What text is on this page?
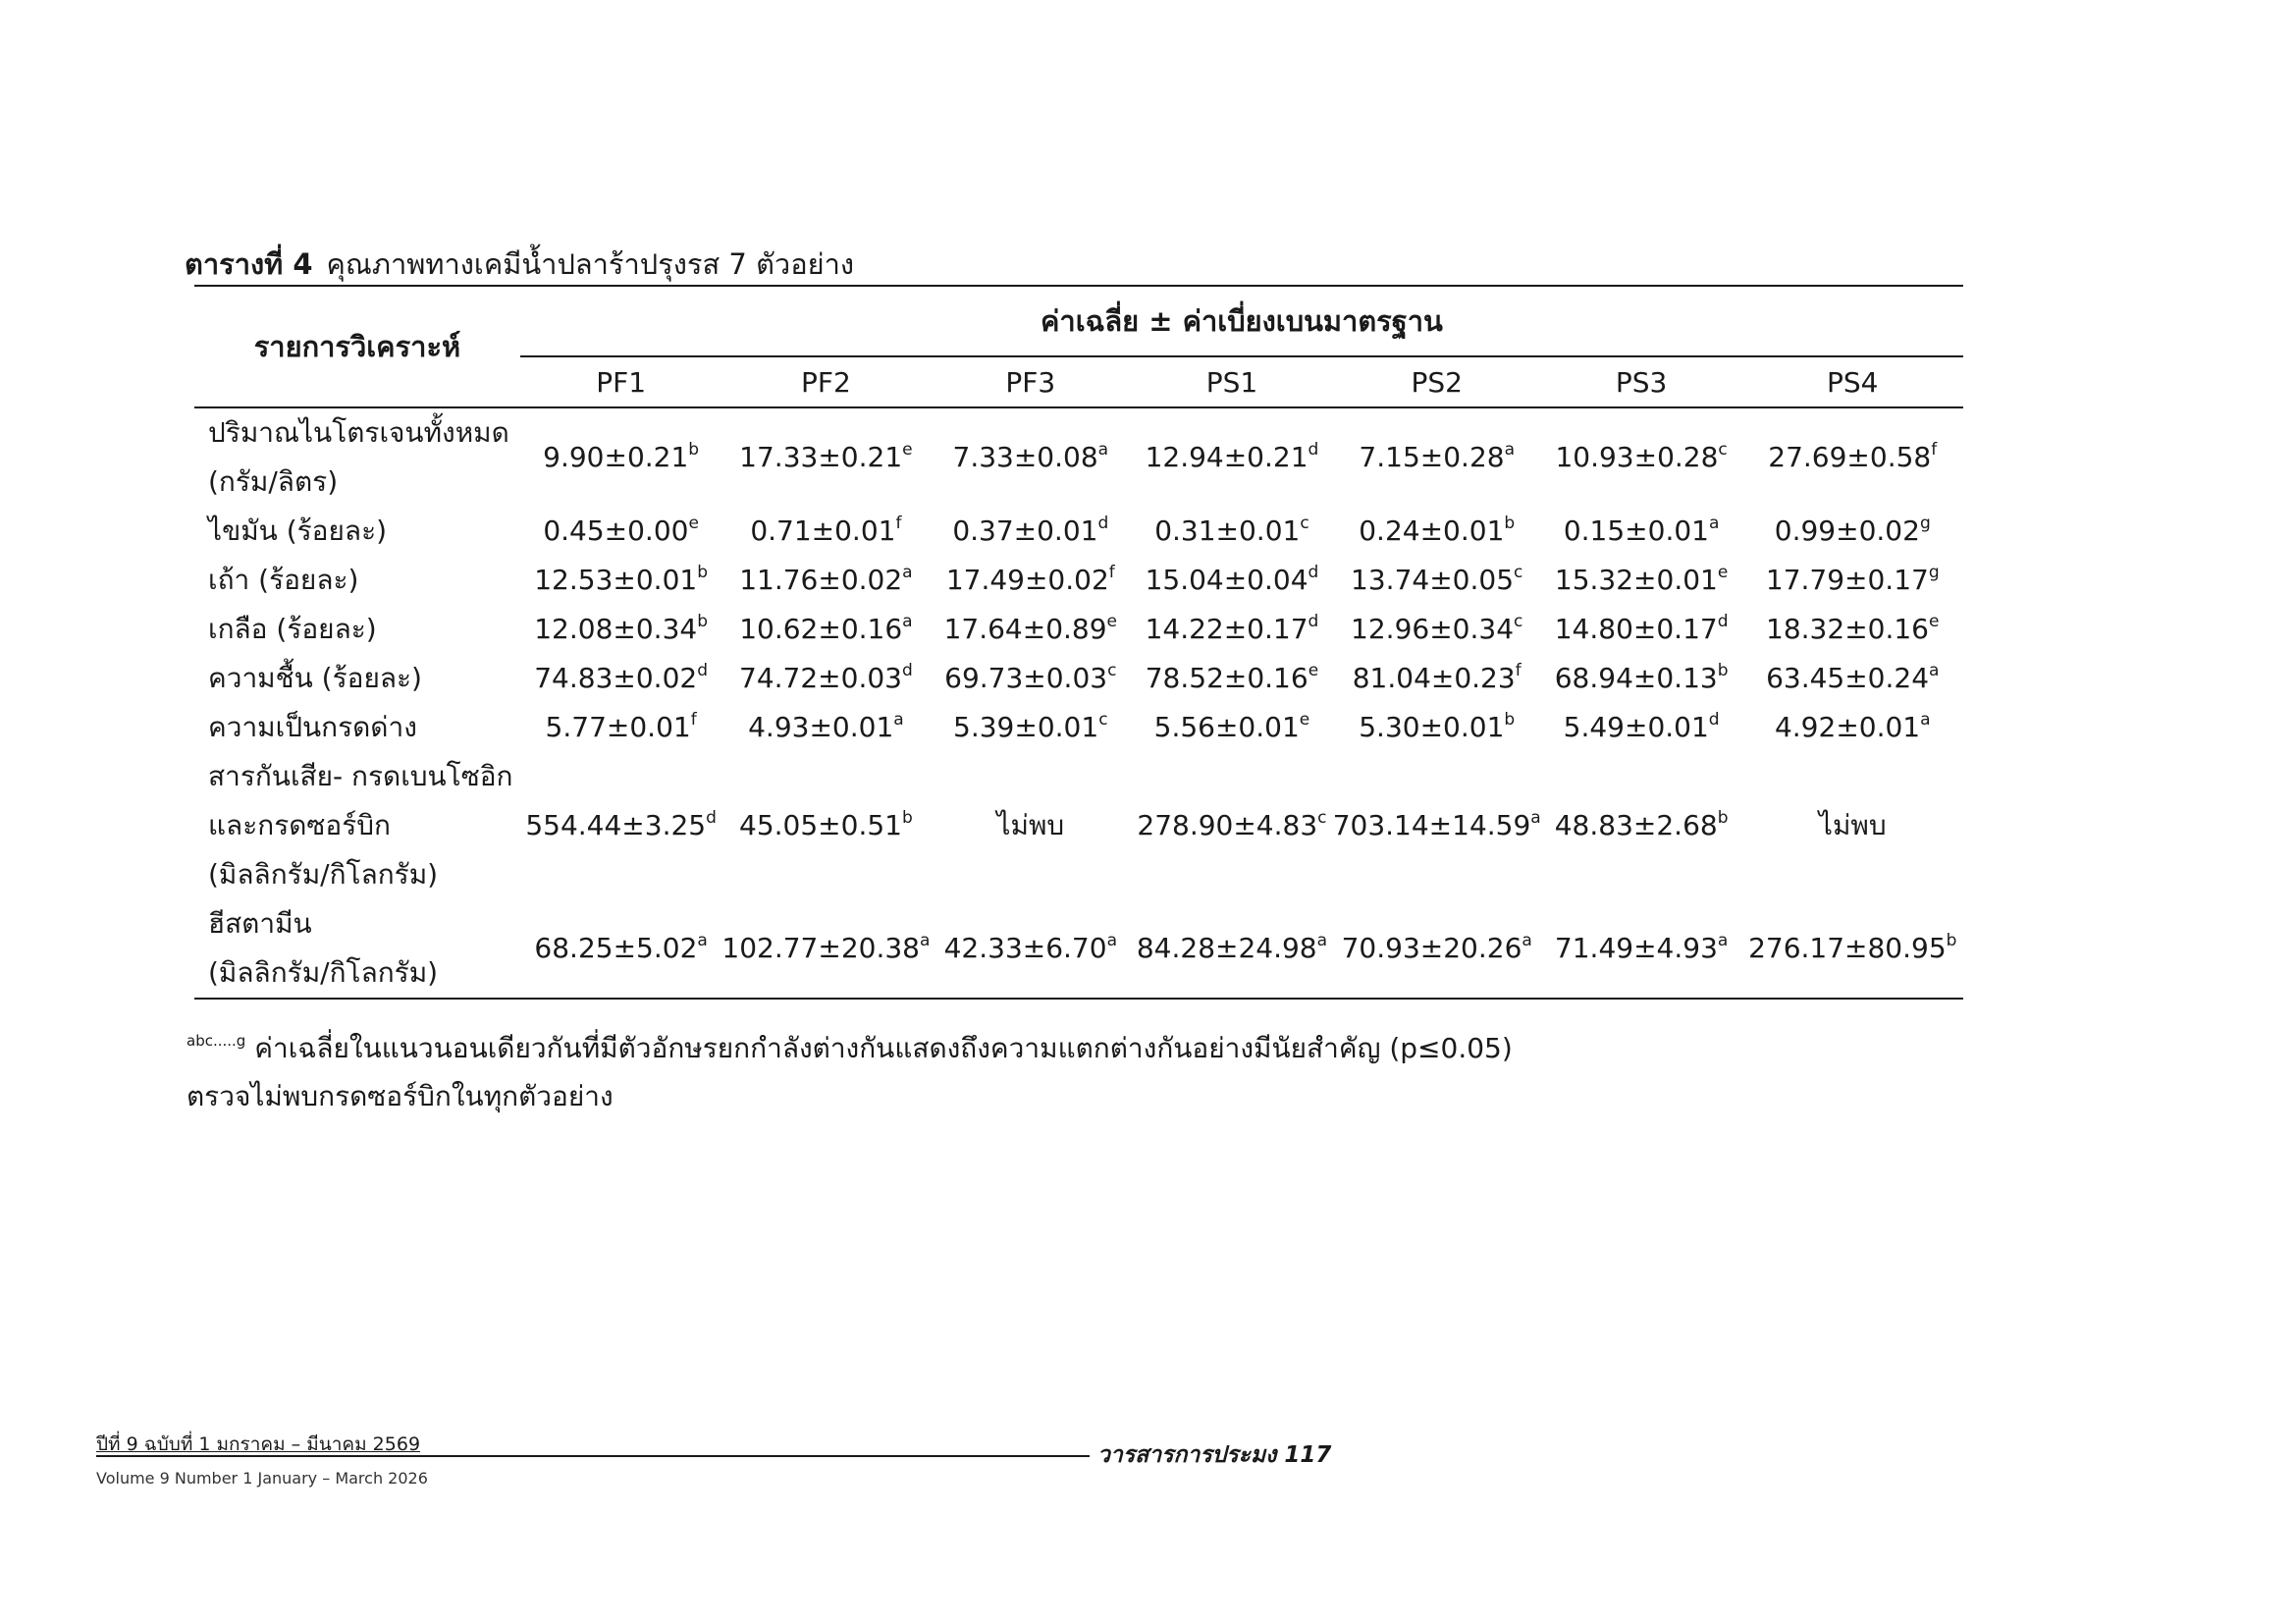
ตารางที่ 4 คุณภาพทางเคมีน้ำปลาร้าปรุงรส 7 ตัวอย่าง
รายการวิเคราะห์	ค่าเฉลี่ย ± ค่าเบี่ยงเบนมาตรฐาน						
	PF1	PF2	PF3	PS1	PS2	PS3	PS4

ปริมาณไนโตรเจนทั้งหมด
(กรัม/ลิตร)	9.90±0.21$^b$	17.33±0.21$^e$	7.33±0.08$^a$	12.94±0.21$^d$	7.15±0.28$^a$	10.93±0.28$^c$	27.69±0.58$^f$

ไขมัน (ร้อยละ)	0.45±0.00$^e$	0.71±0.01$^f$	0.37±0.01$^d$	0.31±0.01$^c$	0.24±0.01$^b$	0.15±0.01$^a$	0.99±0.02$^g$

เถ้า (ร้อยละ)	12.53±0.01$^b$	11.76±0.02$^a$	17.49±0.02$^f$	15.04±0.04$^d$	13.74±0.05$^c$	15.32±0.01$^e$	17.79±0.17$^g$

เกลือ (ร้อยละ)	12.08±0.34$^b$	10.62±0.16$^a$	17.64±0.89$^e$	14.22±0.17$^d$	12.96±0.34$^c$	14.80±0.17$^d$	18.32±0.16$^e$

ความชื้น (ร้อยละ)	74.83±0.02$^d$	74.72±0.03$^d$	69.73±0.03$^c$	78.52±0.16$^e$	81.04±0.23$^f$	68.94±0.13$^b$	63.45±0.24$^a$

ความเป็นกรดด่าง	5.77±0.01$^f$	4.93±0.01$^a$	5.39±0.01$^c$	5.56±0.01$^e$	5.30±0.01$^b$	5.49±0.01$^d$	4.92±0.01$^a$

สารกันเสีย- กรดเบนโซอิก
และกรดซอร์บิก
(มิลลิกรัม/กิโลกรัม)	554.44±3.25$^d$	45.05±0.51$^b$	ไม่พบ	278.90±4.83$^c$	703.14±14.59$^a$	48.83±2.68$^b$	ไม่พบ

ฮีสตามีน
(มิลลิกรัม/กิโลกรัม)	68.25±5.02$^a$	102.77±20.38$^a$	42.33±6.70$^a$	84.28±24.98$^a$	70.93±20.26$^a$	71.49±4.93$^a$	276.17±80.95$^b$
$^{abc.....g}$ ค่าเฉลี่ยในแนวนอนเดียวกันที่มีตัวอักษรยกกำลังต่างกันแสดงถึงความแตกต่างกันอย่างมีนัยสำคัญ (p≤0.05)
ตรวจไม่พบกรดซอร์บิกในทุกตัวอย่าง
ปีที่ 9 ฉบับที่ 1 มกราคม – มีนาคม 2569
Volume 9 Number 1 January – March 2026
วารสารการประมง 117
